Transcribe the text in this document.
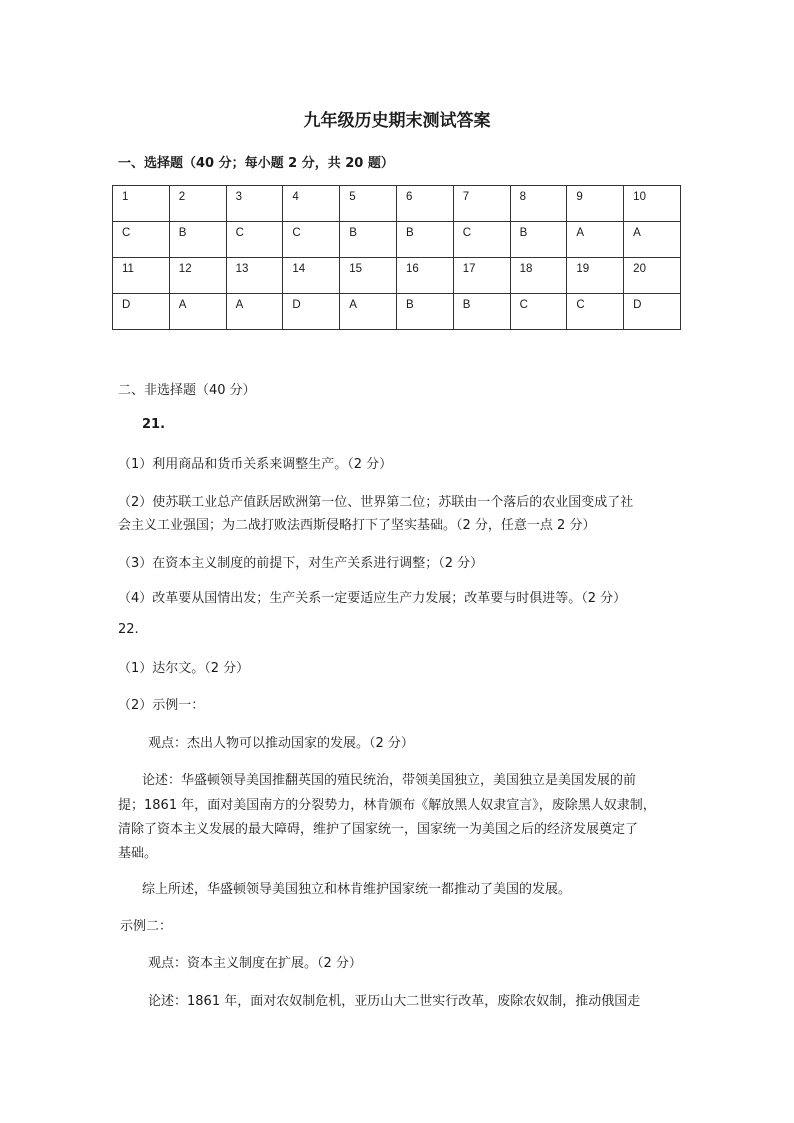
九年级历史期末测试答案
一、选择题（40 分；每小题 2 分，共 20 题）
1	2	3	4	5	6	7	8	9	10
C	B	C	C	B	B	C	B	A	A
11	12	13	14	15	16	17	18	19	20
D	A	A	D	A	B	B	C	C	D
二、非选择题（40 分）
21.
（1）利用商品和货币关系来调整生产。（2 分）
（2）使苏联工业总产值跃居欧洲第一位、世界第二位；苏联由一个落后的农业国变成了社
会主义工业强国；为二战打败法西斯侵略打下了坚实基础。（2 分，任意一点 2 分）
（3）在资本主义制度的前提下，对生产关系进行调整；（2 分）
（4）改革要从国情出发；生产关系一定要适应生产力发展；改革要与时俱进等。（2 分）
22.
（1）达尔文。（2 分）
（2）示例一：
观点：杰出人物可以推动国家的发展。（2 分）
论述：华盛顿领导美国推翻英国的殖民统治，带领美国独立，美国独立是美国发展的前
提；1861 年，面对美国南方的分裂势力，林肯颁布《解放黑人奴隶宣言》，废除黑人奴隶制，
清除了资本主义发展的最大障碍，维护了国家统一，国家统一为美国之后的经济发展奠定了
基础。
综上所述，华盛顿领导美国独立和林肯维护国家统一都推动了美国的发展。
示例二：
观点：资本主义制度在扩展。（2 分）
论述：1861 年，面对农奴制危机，亚历山大二世实行改革，废除农奴制，推动俄国走
